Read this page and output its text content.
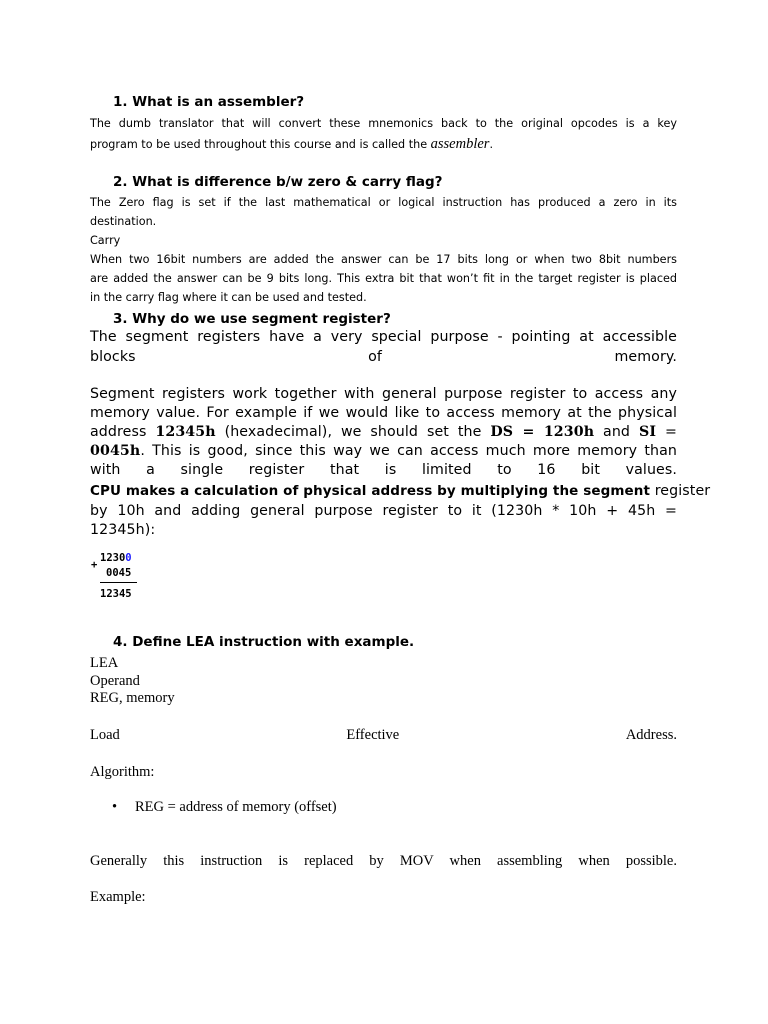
1. What is an assembler?
The dumb translator that will convert these mnemonics back to the original opcodes is a key
program to be used throughout this course and is called the assembler.
2. What is difference b/w zero & carry flag?
The Zero flag is set if the last mathematical or logical instruction has produced a zero in its
destination.
Carry
When two 16bit numbers are added the answer can be 17 bits long or when two 8bit numbers
are added the answer can be 9 bits long. This extra bit that won’t fit in the target register is placed
in the carry flag where it can be used and tested.
3. Why do we use segment register?
The segment registers have a very special purpose - pointing at accessible
blocks	of	memory.
Segment registers work together with general purpose register to access any
memory value. For example if we would like to access memory at the physical
address 12345h (hexadecimal), we should set the DS = 1230h and SI =
0045h. This is good, since this way we can access much more memory than
with a single register that is limited to 16 bit values.
CPU makes a calculation of physical address by multiplying the segment register
by 10h and adding general purpose register to it (1230h * 10h + 45h =
12345h):
12300
+
0045
12345
4. Define LEA instruction with example.
LEA
Operand
REG, memory
Load	Effective	Address.
Algorithm:
• REG = address of memory (offset)
Generally this instruction is replaced by MOV when assembling when possible.
Example:
